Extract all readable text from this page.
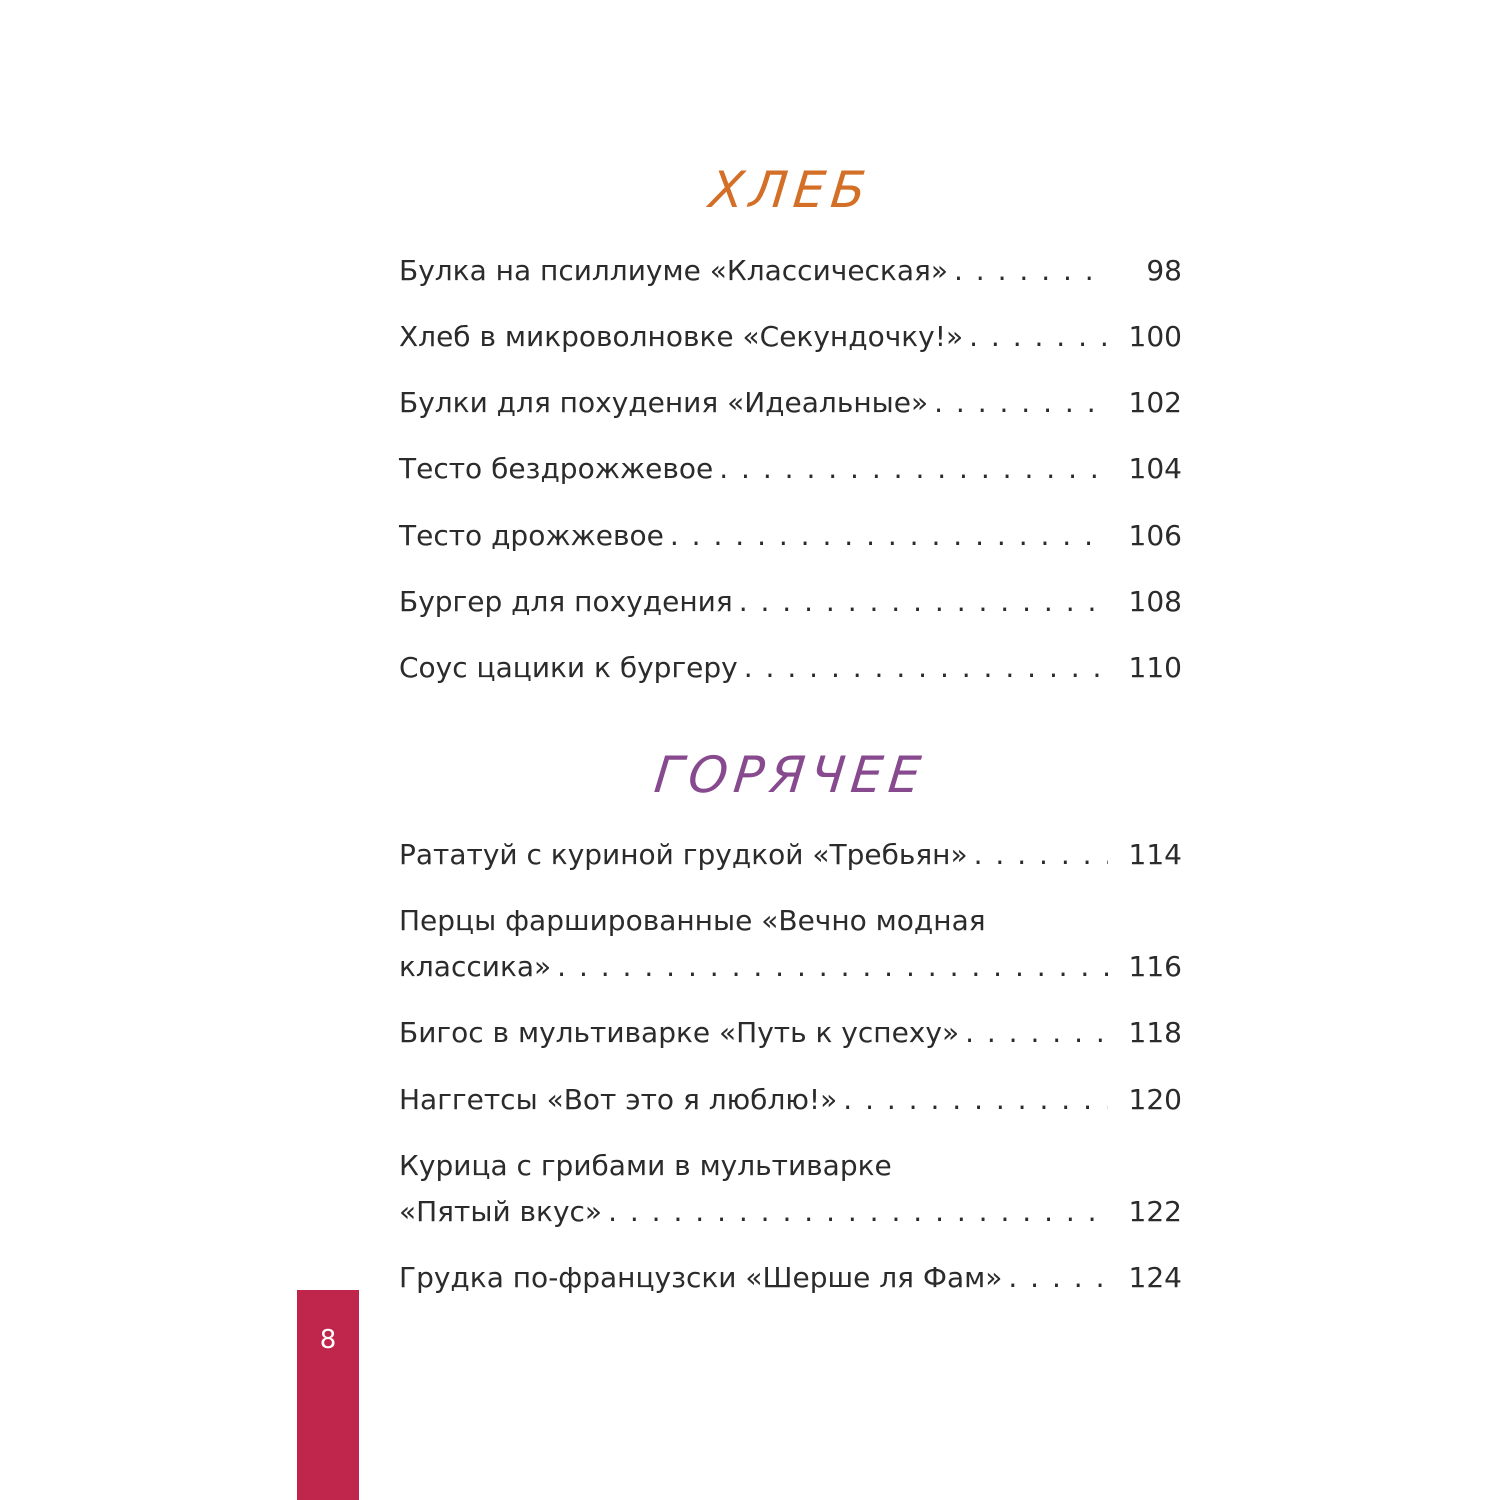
ХЛЕБ
Булка на псиллиуме «Классическая» . . .	98
Хлеб в микроволновке «Секундочку!» . . .	100
Булки для похудения «Идеальные» . . .	102
Тесто бездрожжевое . . .	104
Тесто дрожжевое . . .	106
Бургер для похудения . . .	108
Соус цацики к бургеру . . .	110
ГОРЯЧЕЕ
Рататуй с куриной грудкой «Требьян» . . .	114
Перцы фаршированные «Вечно модная
классика» . . .	116
Бигос в мультиварке «Путь к успеху» . . .	118
Наггетсы «Вот это я люблю!» . . .	120
Курица с грибами в мультиварке
«Пятый вкус» . . .	122
Грудка по-французски «Шерше ля Фам» . . .	124
8
